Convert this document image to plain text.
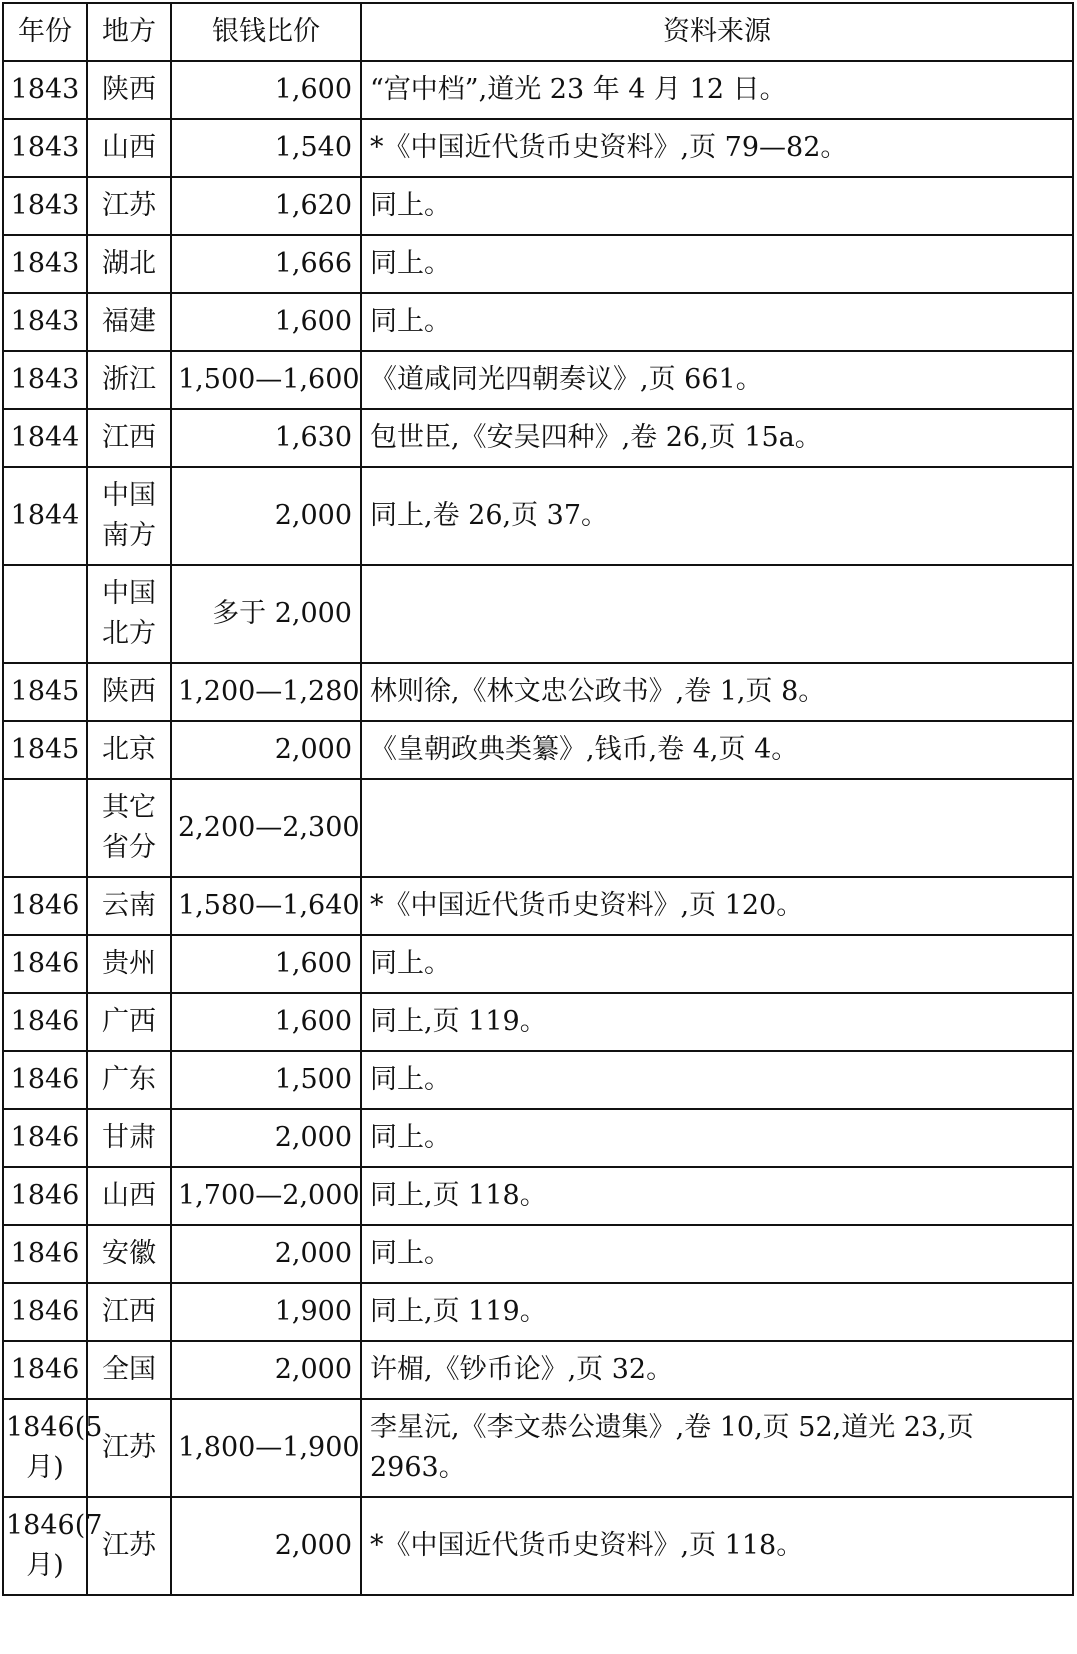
年份	地方	银钱比价	资料来源
1843	陕西	1,600	“宫中档”,道光 23 年 4 月 12 日。
1843	山西	1,540	*《中国近代货币史资料》,页 79—82。
1843	江苏	1,620	同上。
1843	湖北	1,666	同上。
1843	福建	1,600	同上。
1843	浙江	1,500—1,600	《道咸同光四朝奏议》,页 661。
1844	江西	1,630	包世臣,《安吴四种》,卷 26,页 15a。
1844	中国南方	2,000	同上,卷 26,页 37。
	中国北方	多于 2,000	
1845	陕西	1,200—1,280	林则徐,《林文忠公政书》,卷 1,页 8。
1845	北京	2,000	《皇朝政典类纂》,钱币,卷 4,页 4。
	其它省分	2,200—2,300	
1846	云南	1,580—1,640	*《中国近代货币史资料》,页 120。
1846	贵州	1,600	同上。
1846	广西	1,600	同上,页 119。
1846	广东	1,500	同上。
1846	甘肃	2,000	同上。
1846	山西	1,700—2,000	同上,页 118。
1846	安徽	2,000	同上。
1846	江西	1,900	同上,页 119。
1846	全国	2,000	许楣,《钞币论》,页 32。
1846(5 月)	江苏	1,800—1,900	李星沅,《李文恭公遗集》,卷 10,页 52,道光 23,页 2963。
1846(7 月)	江苏	2,000	*《中国近代货币史资料》,页 118。
